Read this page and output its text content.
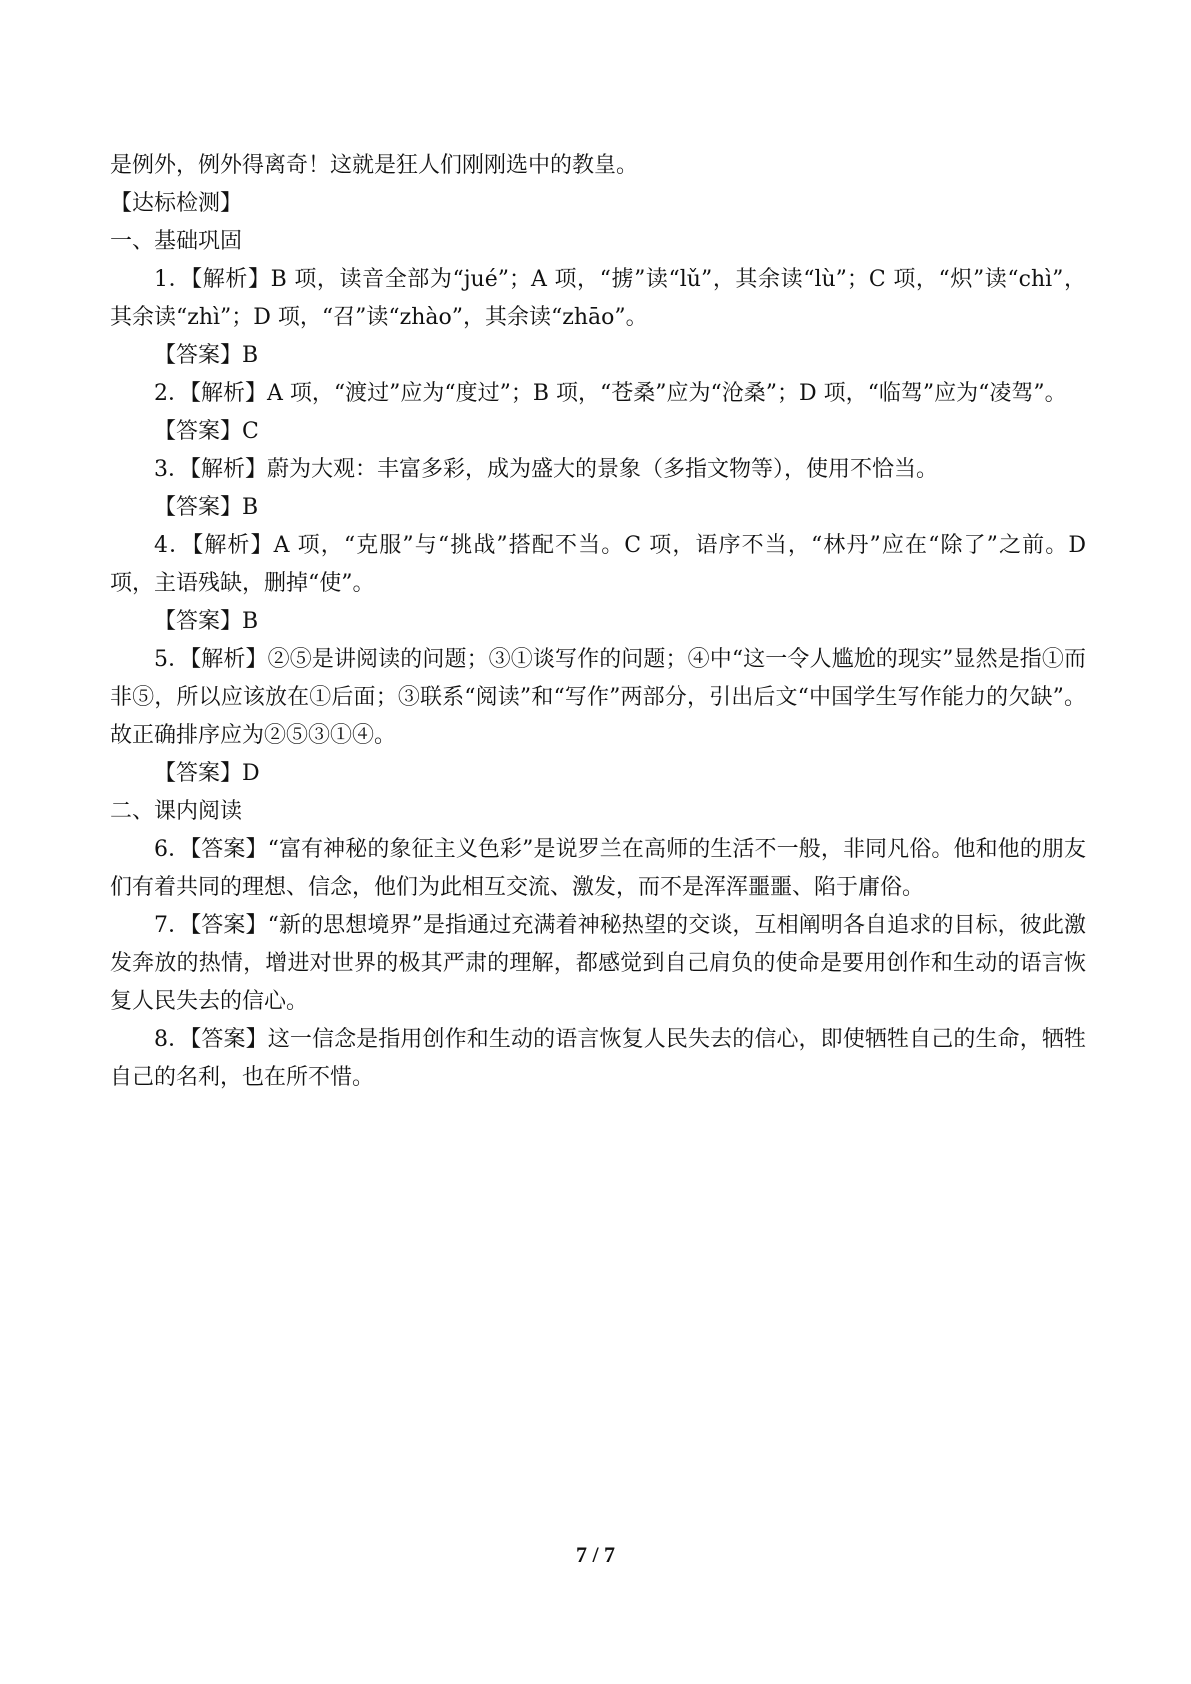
是例外，例外得离奇！这就是狂人们刚刚选中的教皇。

【达标检测】

一、基础巩固

1．【解析】B 项，读音全部为“jué”；A 项，“掳”读“lǔ”，其余读“lù”；C 项，“炽”读“chì”，其余读“zhì”；D 项，“召”读“zhào”，其余读“zhāo”。

【答案】B

2．【解析】A 项，“渡过”应为“度过”；B 项，“苍桑”应为“沧桑”；D 项，“临驾”应为“凌驾”。

【答案】C

3．【解析】蔚为大观：丰富多彩，成为盛大的景象（多指文物等），使用不恰当。

【答案】B

4．【解析】A 项，“克服”与“挑战”搭配不当。C 项，语序不当，“林丹”应在“除了”之前。D 项，主语残缺，删掉“使”。

【答案】B

5．【解析】②⑤是讲阅读的问题；③①谈写作的问题；④中“这一令人尴尬的现实”显然是指①而非⑤，所以应该放在①后面；③联系“阅读”和“写作”两部分，引出后文“中国学生写作能力的欠缺”。故正确排序应为②⑤③①④。

【答案】D

二、课内阅读

6．【答案】“富有神秘的象征主义色彩”是说罗兰在高师的生活不一般，非同凡俗。他和他的朋友们有着共同的理想、信念，他们为此相互交流、激发，而不是浑浑噩噩、陷于庸俗。

7．【答案】“新的思想境界”是指通过充满着神秘热望的交谈，互相阐明各自追求的目标，彼此激发奔放的热情，增进对世界的极其严肃的理解，都感觉到自己肩负的使命是要用创作和生动的语言恢复人民失去的信心。

8．【答案】这一信念是指用创作和生动的语言恢复人民失去的信心，即使牺牲自己的生命，牺牲自己的名利，也在所不惜。

7 / 7
